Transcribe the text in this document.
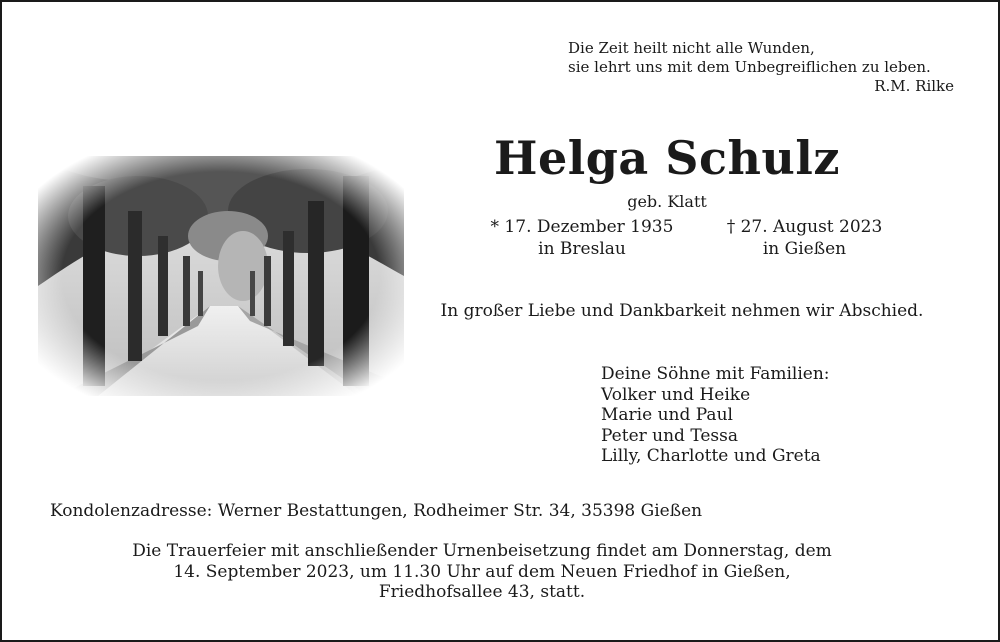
Die Zeit heilt nicht alle Wunden,
sie lehrt uns mit dem Unbegreiflichen zu leben.
R.M. Rilke
Helga Schulz
geb. Klatt
* 17. Dezember 1935
in Breslau
† 27. August 2023
in Gießen
In großer Liebe und Dankbarkeit nehmen wir Abschied.
Deine Söhne mit Familien:
Volker und Heike
Marie und Paul
Peter und Tessa
Lilly, Charlotte und Greta
Kondolenzadresse: Werner Bestattungen, Rodheimer Str. 34, 35398 Gießen
Die Trauerfeier mit anschließender Urnenbeisetzung findet am Donnerstag, dem
14. September 2023, um 11.30 Uhr auf dem Neuen Friedhof in Gießen,
Friedhofsallee 43, statt.
